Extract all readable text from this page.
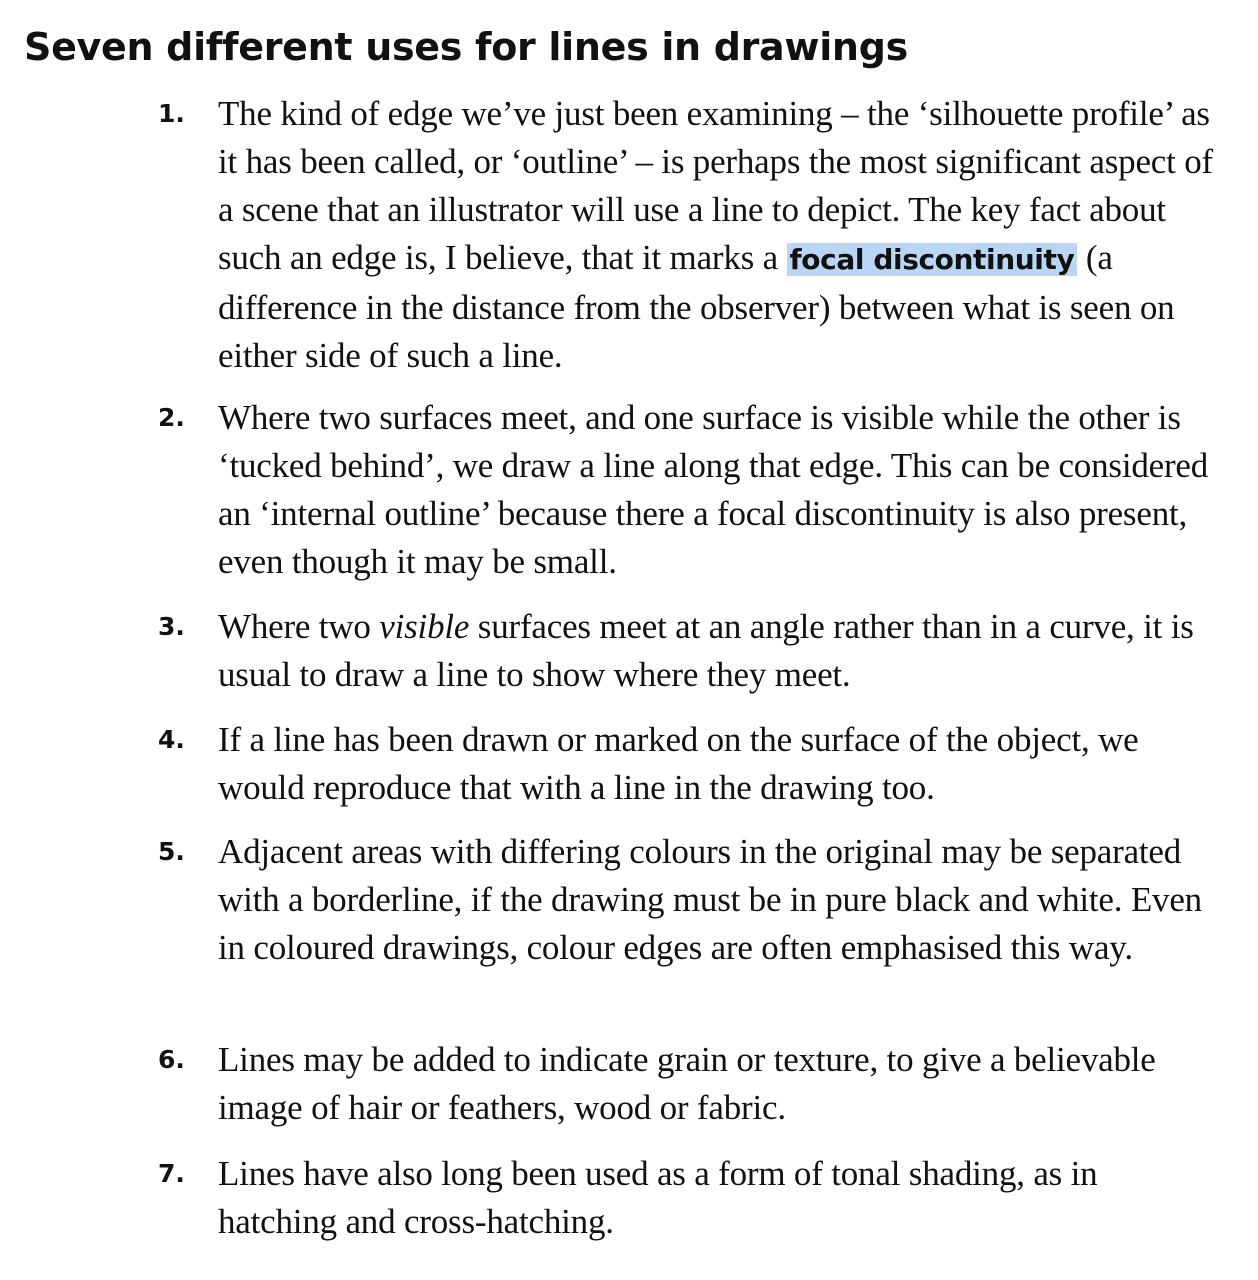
Seven different uses for lines in drawings
1. The kind of edge we’ve just been examining – the ‘silhouette profile’ as it has been called, or ‘outline’ – is perhaps the most significant aspect of a scene that an illustrator will use a line to depict. The key fact about such an edge is, I believe, that it marks a focal discontinuity (a difference in the distance from the observer) between what is seen on either side of such a line.
2. Where two surfaces meet, and one surface is visible while the other is ‘tucked behind’, we draw a line along that edge. This can be considered an ‘internal outline’ because there a focal discontinuity is also present, even though it may be small.
3. Where two visible surfaces meet at an angle rather than in a curve, it is usual to draw a line to show where they meet.
4. If a line has been drawn or marked on the surface of the object, we would reproduce that with a line in the drawing too.
5. Adjacent areas with differing colours in the original may be separated with a borderline, if the drawing must be in pure black and white. Even in coloured drawings, colour edges are often emphasised this way.
6. Lines may be added to indicate grain or texture, to give a believable image of hair or feathers, wood or fabric.
7. Lines have also long been used as a form of tonal shading, as in hatching and cross-hatching.
